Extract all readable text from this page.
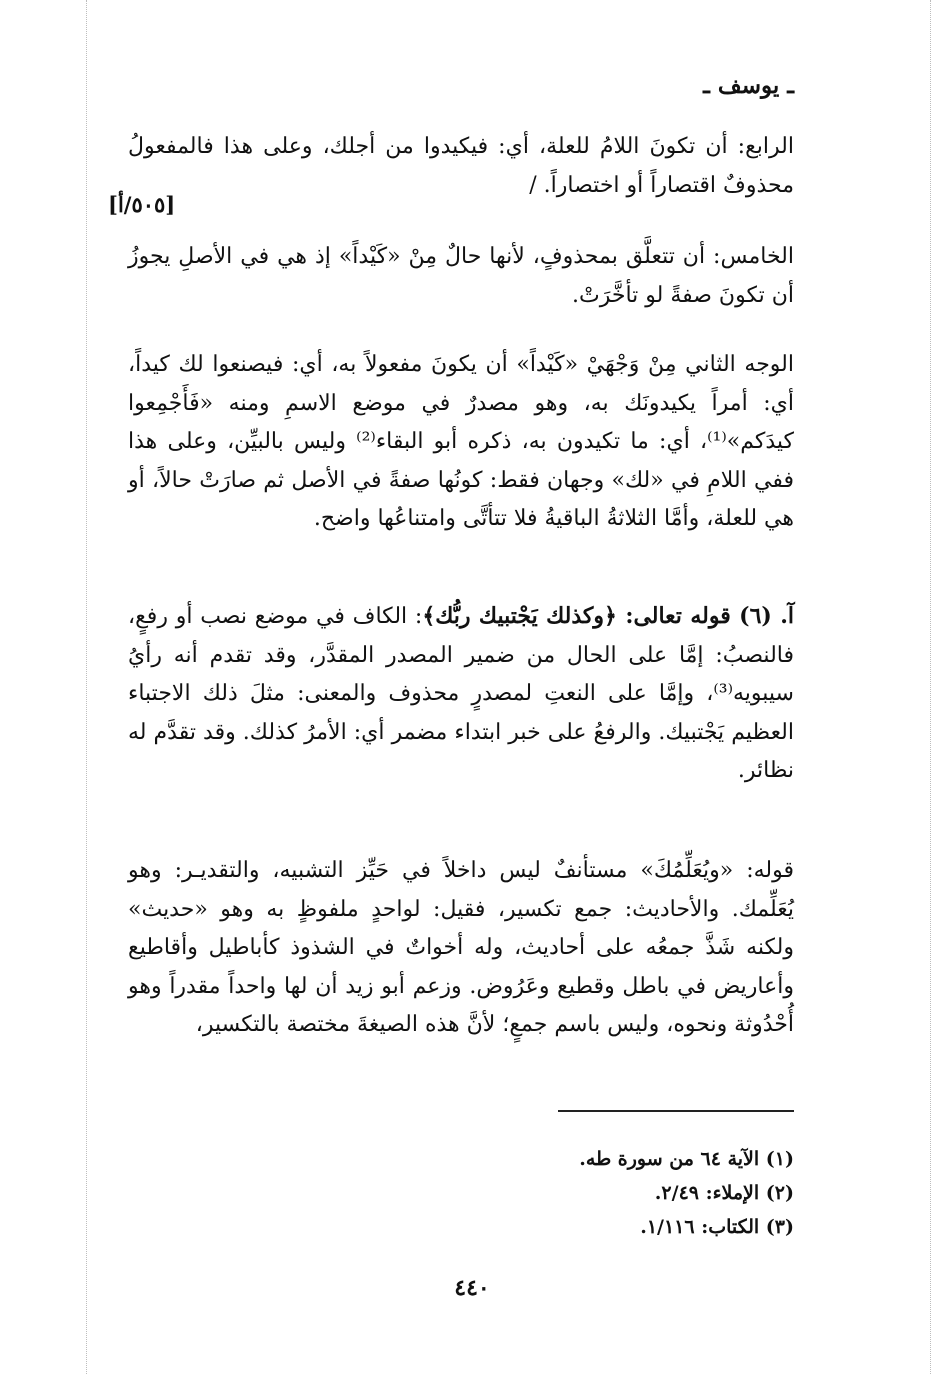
ـ يوسف ـ
[٥٠٥/أ]

الرابع: أن تكونَ اللامُ للعلة، أي: فيكيدوا من أجلك، وعلى هذا فالمفعولُ محذوفٌ اقتصاراً أو اختصاراً. /

الخامس: أن تتعلَّق بمحذوفٍ، لأنها حالٌ مِنْ «كَيْداً» إذ هي في الأصلِ يجوزُ أن تكونَ صفةً لو تأخَّرَتْ.

الوجه الثاني مِنْ وَجْهَيْ «كَيْداً» أن يكونَ مفعولاً به، أي: فيصنعوا لك كيداً، أي: أمراً يكيدونَك به، وهو مصدرٌ في موضع الاسمِ ومنه «فَأَجْمِعوا كيدَكم»⁽¹⁾، أي: ما تكيدون به، ذكره أبو البقاء⁽²⁾ وليس بالبيِّن، وعلى هذا ففي اللامِ في «لك» وجهان فقط: كونُها صفةً في الأصل ثم صارَتْ حالاً، أو هي للعلة، وأمَّا الثلاثةُ الباقيةُ فلا تتأتَّى وامتناعُها واضح.

آ. (٦) قوله تعالى: ﴿وكذلك يَجْتبيك ربُّك﴾: الكاف في موضع نصب أو رفعٍ، فالنصبُ: إمَّا على الحال من ضمير المصدر المقدَّر، وقد تقدم أنه رأيُ سيبويه⁽³⁾، وإمَّا على النعتِ لمصدرٍ محذوف والمعنى: مثلَ ذلك الاجتباء العظيم يَجْتبيك. والرفعُ على خبر ابتداء مضمر أي: الأمرُ كذلك. وقد تقدَّم له نظائر.

قوله: «ويُعَلِّمُكَ» مستأنفٌ ليس داخلاً في حَيِّز التشبيه، والتقديـر: وهو يُعَلِّمك. والأحاديث: جمع تكسير، فقيل: لواحدٍ ملفوظٍ به وهو «حديث» ولكنه شَذَّ جمعُه على أحاديث، وله أخواتٌ في الشذوذ كأباطيل وأقاطيع وأعاريض في باطل وقطيع وعَرُوض. وزعم أبو زيد أن لها واحداً مقدراً وهو أُحْدُوثة ونحوه، وليس باسم جمعٍ؛ لأنَّ هذه الصيغةَ مختصة بالتكسير،

(١) الآية ٦٤ من سورة طه.
(٢) الإملاء: ٢/٤٩.
(٣) الكتاب: ١/١١٦.
٤٤٠
